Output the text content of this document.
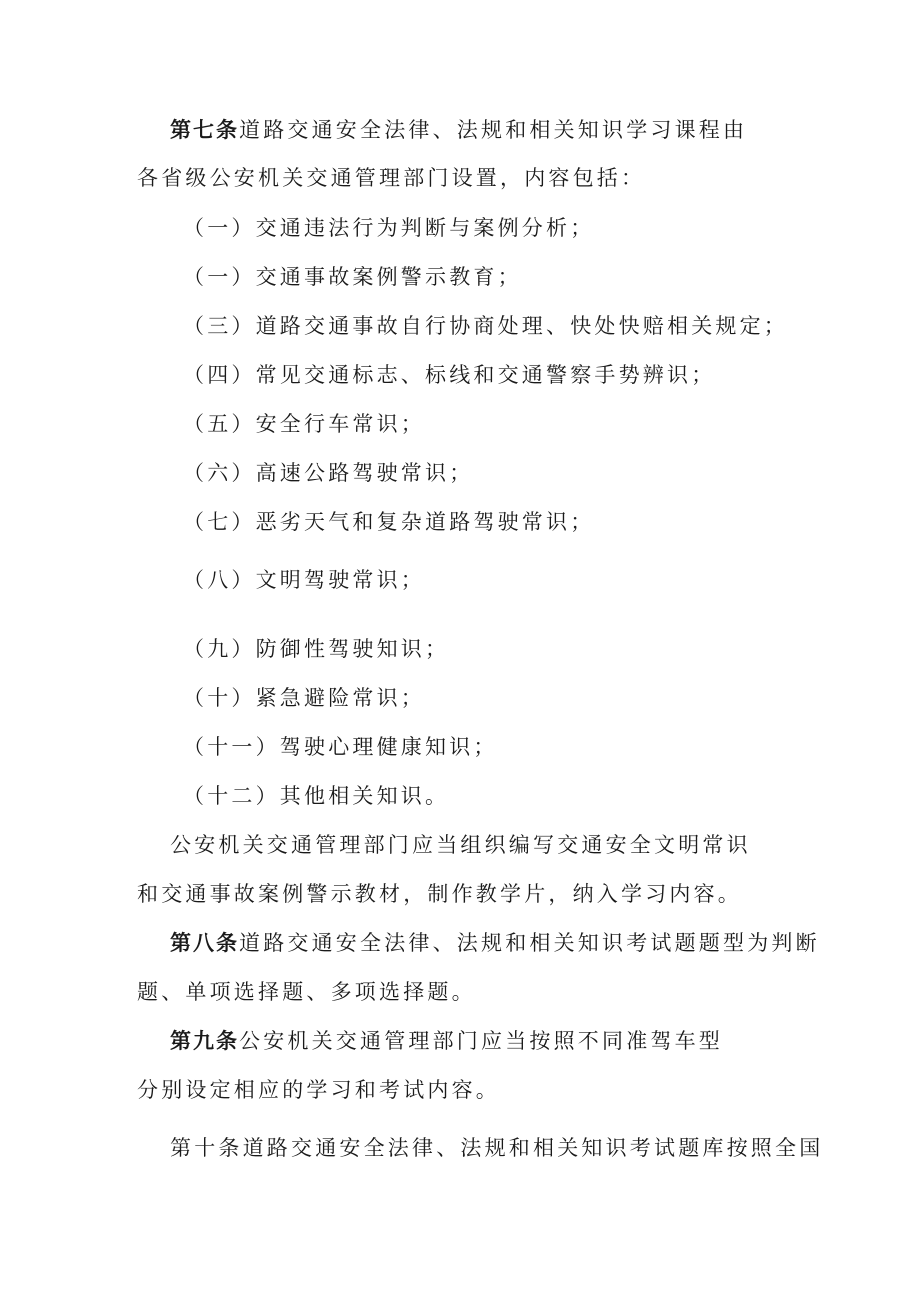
第七条道路交通安全法律、法规和相关知识学习课程由
各省级公安机关交通管理部门设置，内容包括：
（一）交通违法行为判断与案例分析；
（一）交通事故案例警示教育；
（三）道路交通事故自行协商处理、快处快赔相关规定；
（四）常见交通标志、标线和交通警察手势辨识；
（五）安全行车常识；
（六）高速公路驾驶常识；
（七）恶劣天气和复杂道路驾驶常识；
（八）文明驾驶常识；
（九）防御性驾驶知识；
（十）紧急避险常识；
（十一）驾驶心理健康知识；
（十二）其他相关知识。
公安机关交通管理部门应当组织编写交通安全文明常识
和交通事故案例警示教材，制作教学片，纳入学习内容。
第八条道路交通安全法律、法规和相关知识考试题题型为判断
题、单项选择题、多项选择题。
第九条公安机关交通管理部门应当按照不同准驾车型
分别设定相应的学习和考试内容。
第十条道路交通安全法律、法规和相关知识考试题库按照全国
